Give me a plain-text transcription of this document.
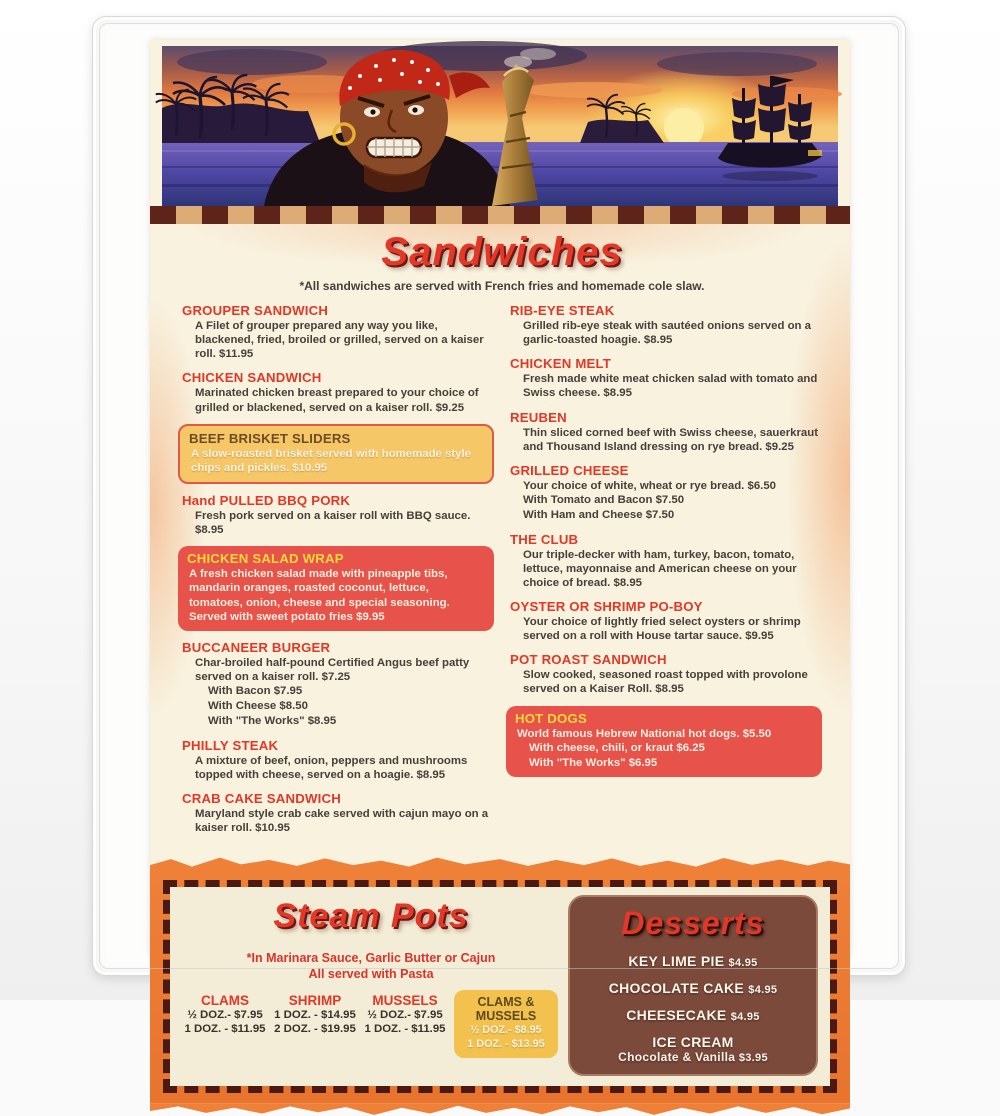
Sandwiches
*All sandwiches are served with French fries and homemade cole slaw.
GROUPER SANDWICH
A Filet of grouper prepared any way you like, blackened, fried, broiled or grilled, served on a kaiser roll. $11.95
CHICKEN SANDWICH
Marinated chicken breast prepared to your choice of grilled or blackened, served on a kaiser roll. $9.25
BEEF BRISKET SLIDERS
A slow-roasted brisket served with homemade style chips and pickles. $10.95
Hand PULLED BBQ PORK
Fresh pork served on a kaiser roll with BBQ sauce. $8.95
CHICKEN SALAD WRAP
A fresh chicken salad made with pineapple tibs, mandarin oranges, roasted coconut, lettuce, tomatoes, onion, cheese and special seasoning. Served with sweet potato fries $9.95
BUCCANEER BURGER
Char-broiled half-pound Certified Angus beef patty served on a kaiser roll. $7.25
With Bacon $7.95
With Cheese $8.50
With "The Works" $8.95
PHILLY STEAK
A mixture of beef, onion, peppers and mushrooms topped with cheese, served on a hoagie. $8.95
CRAB CAKE SANDWICH
Maryland style crab cake served with cajun mayo on a kaiser roll. $10.95
RIB-EYE STEAK
Grilled rib-eye steak with sautéed onions served on a garlic-toasted hoagie. $8.95
CHICKEN MELT
Fresh made white meat chicken salad with tomato and Swiss cheese. $8.95
REUBEN
Thin sliced corned beef with Swiss cheese, sauerkraut and Thousand Island dressing on rye bread. $9.25
GRILLED CHEESE
Your choice of white, wheat or rye bread. $6.50
With Tomato and Bacon $7.50
With Ham and Cheese $7.50
THE CLUB
Our triple-decker with ham, turkey, bacon, tomato, lettuce, mayonnaise and American cheese on your choice of bread. $8.95
OYSTER OR SHRIMP PO-BOY
Your choice of lightly fried select oysters or shrimp served on a roll with House tartar sauce. $9.95
POT ROAST SANDWICH
Slow cooked, seasoned roast topped with provolone served on a Kaiser Roll. $8.95
HOT DOGS
World famous Hebrew National hot dogs. $5.50
With cheese, chili, or kraut $6.25
With "The Works" $6.95
Steam Pots
*In Marinara Sauce, Garlic Butter or Cajun
All served with Pasta
CLAMS
½ DOZ.- $7.95
1 DOZ. - $11.95
SHRIMP
1 DOZ. - $14.95
2 DOZ. - $19.95
MUSSELS
½ DOZ.- $7.95
1 DOZ. - $11.95
CLAMS & MUSSELS
½ DOZ.- $8.95
1 DOZ. - $13.95
Desserts
KEY LIME PIE $4.95
CHOCOLATE CAKE $4.95
CHEESECAKE $4.95
ICE CREAM
Chocolate & Vanilla $3.95
